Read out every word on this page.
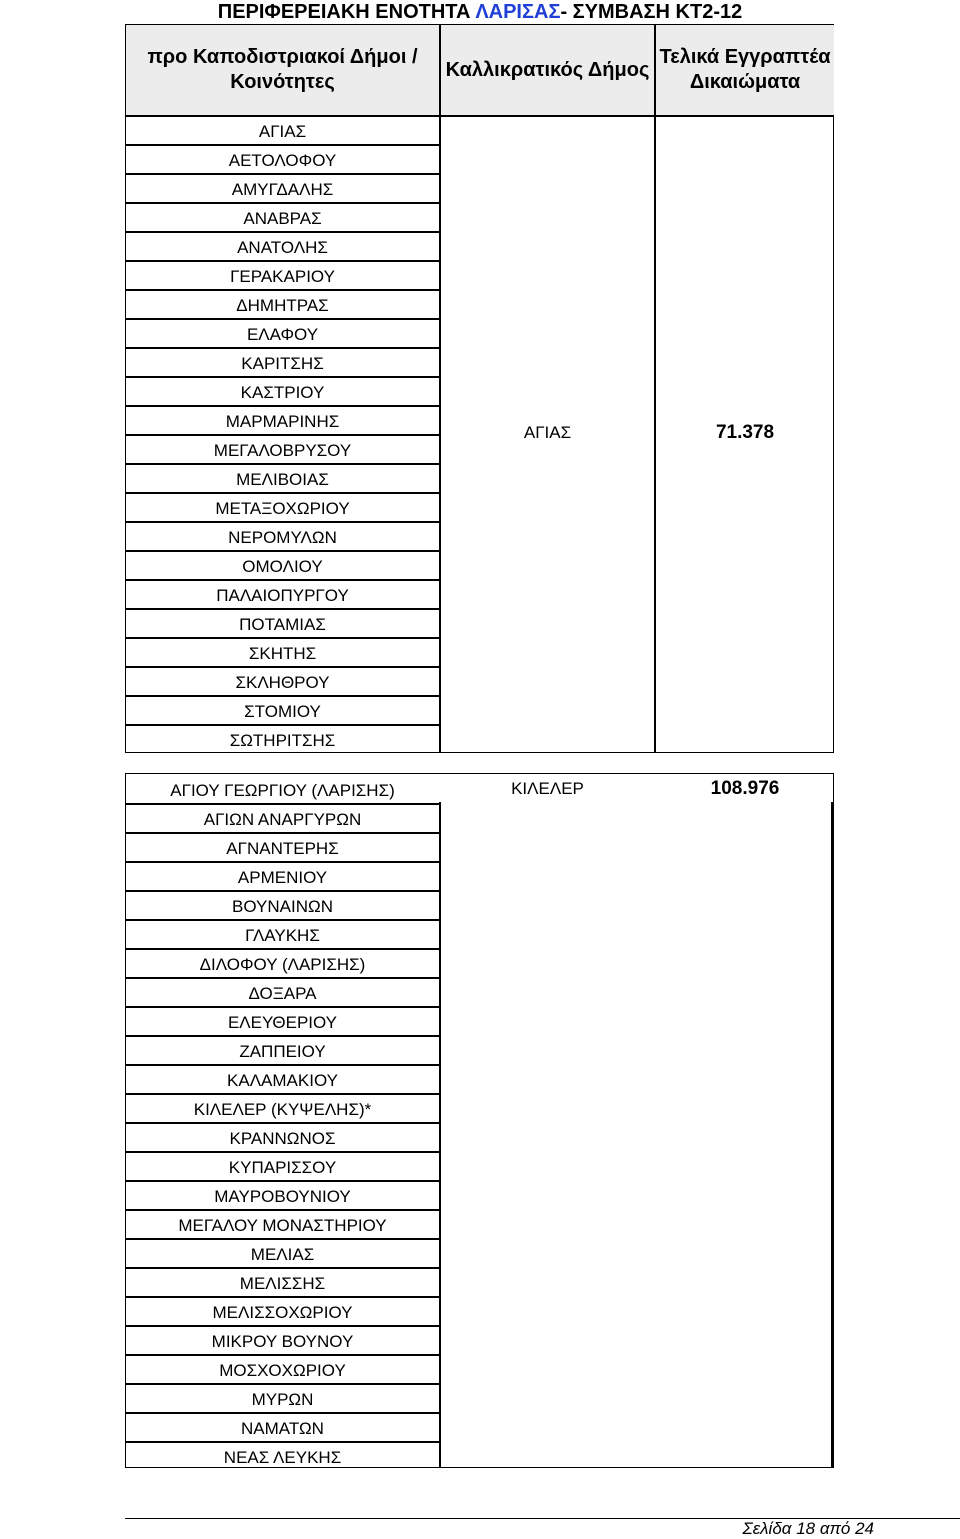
ΠΕΡΙΦΕΡΕΙΑΚΗ ΕΝΟΤΗΤΑ ΛΑΡΙΣΑΣ- ΣΥΜΒΑΣΗ ΚΤ2-12
προ Καποδιστριακοί Δήμοι / Κοινότητες
Καλλικρατικός Δήμος
Τελικά Εγγραπτέα Δικαιώματα
ΑΓΙΑΣ
ΑΕΤΟΛΟΦΟΥ
ΑΜΥΓΔΑΛΗΣ
ΑΝΑΒΡΑΣ
ΑΝΑΤΟΛΗΣ
ΓΕΡΑΚΑΡΙΟΥ
ΔΗΜΗΤΡΑΣ
ΕΛΑΦΟΥ
ΚΑΡΙΤΣΗΣ
ΚΑΣΤΡΙΟΥ
ΜΑΡΜΑΡΙΝΗΣ
ΜΕΓΑΛΟΒΡΥΣΟΥ
ΜΕΛΙΒΟΙΑΣ
ΜΕΤΑΞΟΧΩΡΙΟΥ
ΝΕΡΟΜΥΛΩΝ
ΟΜΟΛΙΟΥ
ΠΑΛΑΙΟΠΥΡΓΟΥ
ΠΟΤΑΜΙΑΣ
ΣΚΗΤΗΣ
ΣΚΛΗΘΡΟΥ
ΣΤΟΜΙΟΥ
ΣΩΤΗΡΙΤΣΗΣ
ΑΓΙΑΣ	71.378
ΑΓΙΟΥ ΓΕΩΡΓΙΟΥ (ΛΑΡΙΣΗΣ)
ΑΓΙΩΝ ΑΝΑΡΓΥΡΩΝ
ΑΓΝΑΝΤΕΡΗΣ
ΑΡΜΕΝΙΟΥ
ΒΟΥΝΑΙΝΩΝ
ΓΛΑΥΚΗΣ
ΔΙΛΟΦΟΥ (ΛΑΡΙΣΗΣ)
ΔΟΞΑΡΑ
ΕΛΕΥΘΕΡΙΟΥ
ΖΑΠΠΕΙΟΥ
ΚΑΛΑΜΑΚΙΟΥ
ΚΙΛΕΛΕΡ (ΚΥΨΕΛΗΣ)*
ΚΡΑΝΝΩΝΟΣ
ΚΥΠΑΡΙΣΣΟΥ
ΜΑΥΡΟΒΟΥΝΙΟΥ
ΜΕΓΑΛΟΥ ΜΟΝΑΣΤΗΡΙΟΥ
ΜΕΛΙΑΣ
ΜΕΛΙΣΣΗΣ
ΜΕΛΙΣΣΟΧΩΡΙΟΥ
ΜΙΚΡΟΥ ΒΟΥΝΟΥ
ΜΟΣΧΟΧΩΡΙΟΥ
ΜΥΡΩΝ
ΝΑΜΑΤΩΝ
ΝΕΑΣ ΛΕΥΚΗΣ
ΚΙΛΕΛΕΡ	108.976
Σελίδα 18 από 24
